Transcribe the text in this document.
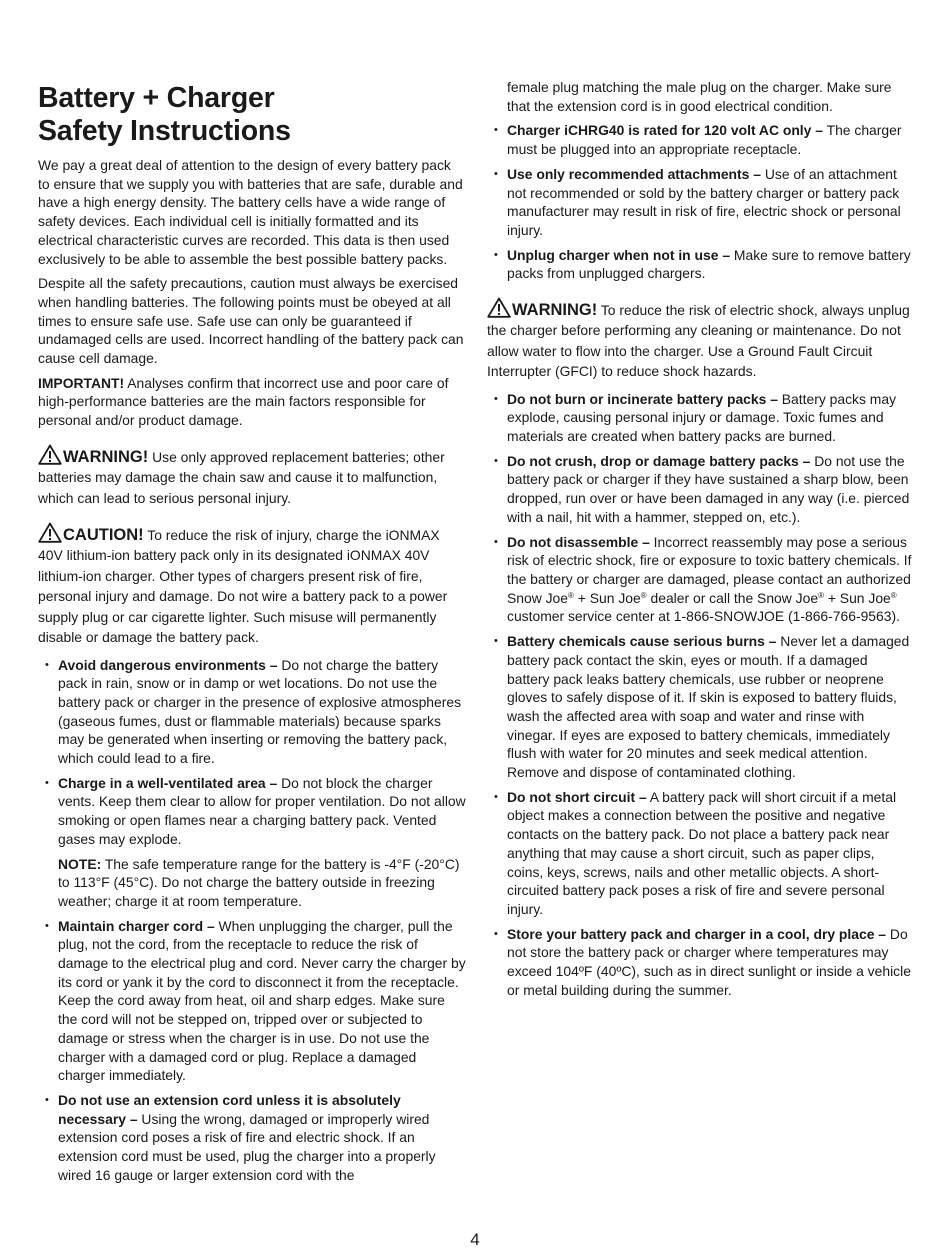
Battery + Charger
Safety Instructions

We pay a great deal of attention to the design of every battery pack to ensure that we supply you with batteries that are safe, durable and have a high energy density. The battery cells have a wide range of safety devices. Each individual cell is initially formatted and its electrical characteristic curves are recorded. This data is then used exclusively to be able to assemble the best possible battery packs.

Despite all the safety precautions, caution must always be exercised when handling batteries. The following points must be obeyed at all times to ensure safe use. Safe use can only be guaranteed if undamaged cells are used. Incorrect handling of the battery pack can cause cell damage.

IMPORTANT! Analyses confirm that incorrect use and poor care of high-performance batteries are the main factors responsible for personal and/or product damage.

WARNING! Use only approved replacement batteries; other batteries may damage the chain saw and cause it to malfunction, which can lead to serious personal injury.
CAUTION! To reduce the risk of injury, charge the iONMAX 40V lithium-ion battery pack only in its designated iONMAX 40V lithium-ion charger. Other types of chargers present risk of fire, personal injury and damage. Do not wire a battery pack to a power supply plug or car cigarette lighter. Such misuse will permanently disable or damage the battery pack.
• Avoid dangerous environments – Do not charge the battery pack in rain, snow or in damp or wet locations. Do not use the battery pack or charger in the presence of explosive atmospheres (gaseous fumes, dust or flammable materials) because sparks may be generated when inserting or removing the battery pack, which could lead to a fire.
• Charge in a well-ventilated area – Do not block the charger vents. Keep them clear to allow for proper ventilation. Do not allow smoking or open flames near a charging battery pack. Vented gases may explode.

NOTE: The safe temperature range for the battery is -4°F (-20°C) to 113°F (45°C). Do not charge the battery outside in freezing weather; charge it at room temperature.

• Maintain charger cord – When unplugging the charger, pull the plug, not the cord, from the receptacle to reduce the risk of damage to the electrical plug and cord. Never carry the charger by its cord or yank it by the cord to disconnect it from the receptacle. Keep the cord away from heat, oil and sharp edges. Make sure the cord will not be stepped on, tripped over or subjected to damage or stress when the charger is in use. Do not use the charger with a damaged cord or plug. Replace a damaged charger immediately.
• Do not use an extension cord unless it is absolutely necessary – Using the wrong, damaged or improperly wired extension cord poses a risk of fire and electric shock. If an extension cord must be used, plug the charger into a properly wired 16 gauge or larger extension cord with the
female plug matching the male plug on the charger. Make sure that the extension cord is in good electrical condition.
• Charger iCHRG40 is rated for 120 volt AC only – The charger must be plugged into an appropriate receptacle.
• Use only recommended attachments – Use of an attachment not recommended or sold by the battery charger or battery pack manufacturer may result in risk of fire, electric shock or personal injury.
• Unplug charger when not in use – Make sure to remove battery packs from unplugged chargers.
WARNING! To reduce the risk of electric shock, always unplug the charger before performing any cleaning or maintenance. Do not allow water to flow into the charger. Use a Ground Fault Circuit Interrupter (GFCI) to reduce shock hazards.
• Do not burn or incinerate battery packs – Battery packs may explode, causing personal injury or damage. Toxic fumes and materials are created when battery packs are burned.
• Do not crush, drop or damage battery packs – Do not use the battery pack or charger if they have sustained a sharp blow, been dropped, run over or have been damaged in any way (i.e. pierced with a nail, hit with a hammer, stepped on, etc.).
• Do not disassemble – Incorrect reassembly may pose a serious risk of electric shock, fire or exposure to toxic battery chemicals. If the battery or charger are damaged, please contact an authorized Snow Joe® + Sun Joe® dealer or call the Snow Joe® + Sun Joe® customer service center at 1-866-SNOWJOE (1-866-766-9563).
• Battery chemicals cause serious burns – Never let a damaged battery pack contact the skin, eyes or mouth. If a damaged battery pack leaks battery chemicals, use rubber or neoprene gloves to safely dispose of it. If skin is exposed to battery fluids, wash the affected area with soap and water and rinse with vinegar. If eyes are exposed to battery chemicals, immediately flush with water for 20 minutes and seek medical attention. Remove and dispose of contaminated clothing.
• Do not short circuit – A battery pack will short circuit if a metal object makes a connection between the positive and negative contacts on the battery pack. Do not place a battery pack near anything that may cause a short circuit, such as paper clips, coins, keys, screws, nails and other metallic objects. A short-circuited battery pack poses a risk of fire and severe personal injury.
• Store your battery pack and charger in a cool, dry place – Do not store the battery pack or charger where temperatures may exceed 104ºF (40ºC), such as in direct sunlight or inside a vehicle or metal building during the summer.
4
